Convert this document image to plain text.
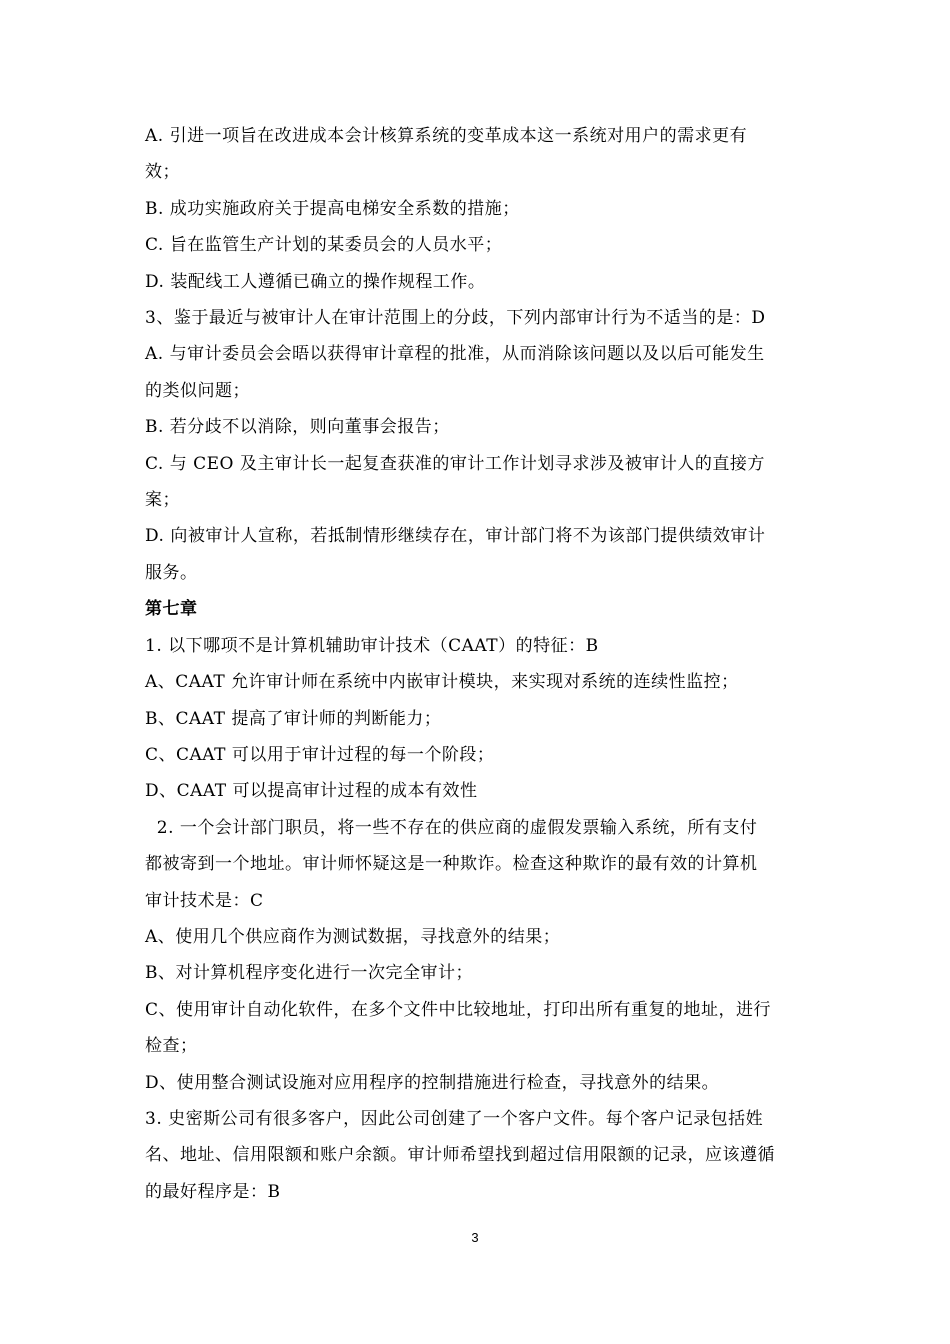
A. 引进一项旨在改进成本会计核算系统的变革成本这一系统对用户的需求更有

效；

B. 成功实施政府关于提高电梯安全系数的措施；

C. 旨在监管生产计划的某委员会的人员水平；

D. 装配线工人遵循已确立的操作规程工作。

3、鉴于最近与被审计人在审计范围上的分歧，下列内部审计行为不适当的是：D

A. 与审计委员会会晤以获得审计章程的批准，从而消除该问题以及以后可能发生

的类似问题；

B. 若分歧不以消除，则向董事会报告；

C. 与 CEO 及主审计长一起复查获准的审计工作计划寻求涉及被审计人的直接方

案；

D. 向被审计人宣称，若抵制情形继续存在，审计部门将不为该部门提供绩效审计

服务。

第七章

1. 以下哪项不是计算机辅助审计技术（CAAT）的特征：B

A、CAAT 允许审计师在系统中内嵌审计模块，来实现对系统的连续性监控；

B、CAAT 提高了审计师的判断能力；

C、CAAT 可以用于审计过程的每一个阶段；

D、CAAT 可以提高审计过程的成本有效性

2. 一个会计部门职员，将一些不存在的供应商的虚假发票输入系统，所有支付

都被寄到一个地址。审计师怀疑这是一种欺诈。检查这种欺诈的最有效的计算机

审计技术是：C

A、使用几个供应商作为测试数据，寻找意外的结果；

B、对计算机程序变化进行一次完全审计；

C、使用审计自动化软件，在多个文件中比较地址，打印出所有重复的地址，进行

检查；

D、使用整合测试设施对应用程序的控制措施进行检查，寻找意外的结果。

3. 史密斯公司有很多客户，因此公司创建了一个客户文件。每个客户记录包括姓

名、地址、信用限额和账户余额。审计师希望找到超过信用限额的记录，应该遵循

的最好程序是：B

3
